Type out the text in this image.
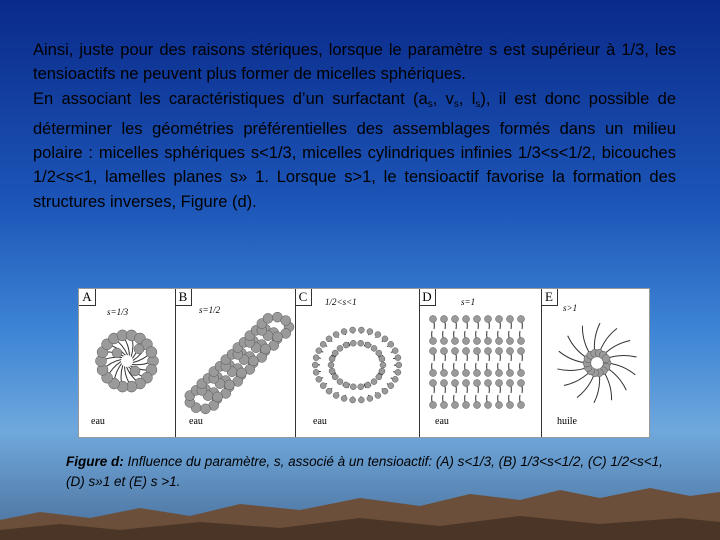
Ainsi, juste pour des raisons stériques, lorsque le paramètre s est supérieur à 1/3, les tensioactifs ne peuvent plus former de micelles sphériques.

En associant les caractéristiques d’un surfactant ($a_s$, $v_s$, $l_s$), il est donc possible de déterminer les géométries préférentielles des assemblages formés dans un milieu polaire : micelles sphériques s<1/3, micelles cylindriques infinies 1/3<s<1/2, bicouches 1/2<s<1, lamelles planes s» 1. Lorsque s>1, le tensioactif favorise la formation des structures inverses, Figure (d).

A
s=1/3
eau
B
s=1/2
eau
C	1/2<s<1
eau
D	s=1
eau
E
s>1
huile
Figure d: Influence du paramètre, s, associé à un tensioactif: (A) s<1/3, (B) 1/3<s<1/2, (C) 1/2<s<1, (D) s»1 et (E) s >1.
